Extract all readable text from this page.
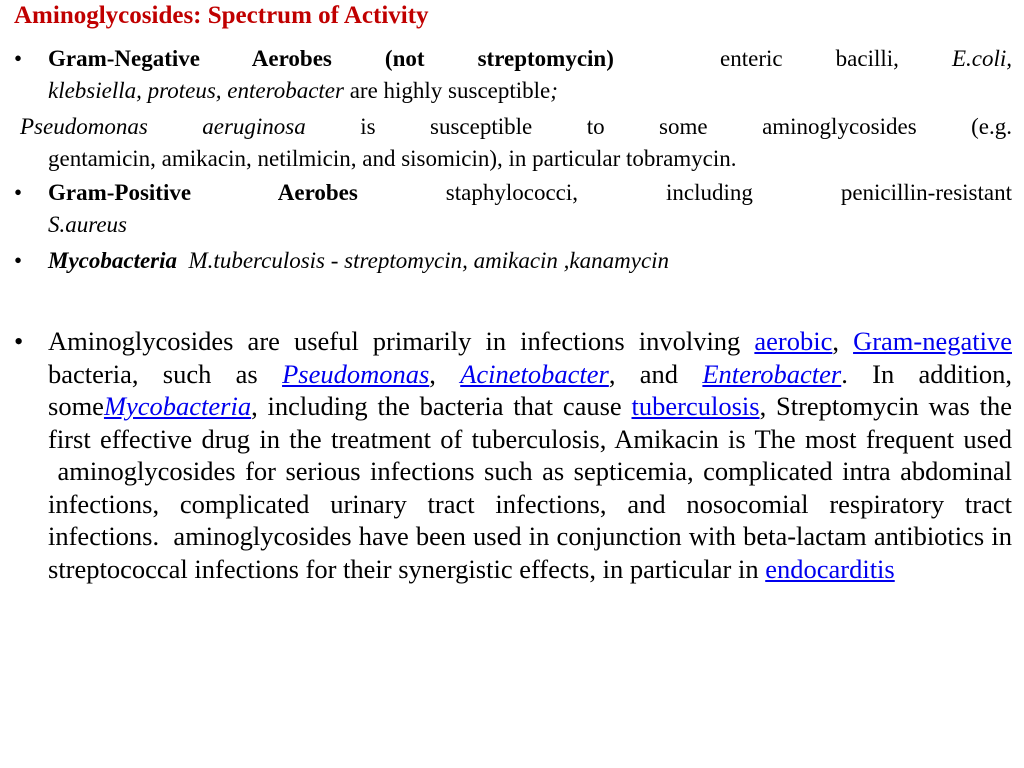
Aminoglycosides: Spectrum of Activity
• Gram-Negative Aerobes (not streptomycin)	enteric bacilli, E.coli,
klebsiella, proteus, enterobacter are highly susceptible;
Pseudomonas aeruginosa is susceptible to some aminoglycosides (e.g.
gentamicin, amikacin, netilmicin, and sisomicin), in particular tobramycin.
• Gram-Positive Aerobes staphylococci, including penicillin-resistant
S.aureus
• Mycobacteria  M.tuberculosis - streptomycin, amikacin ,kanamycin
• Aminoglycosides are useful primarily in infections involving aerobic, Gram-negative bacteria, such as Pseudomonas, Acinetobacter, and Enterobacter. In addition, someMycobacteria, including the bacteria that cause tuberculosis, Streptomycin was the first effective drug in the treatment of tuberculosis, Amikacin is The most frequent used  aminoglycosides for serious infections such as septicemia, complicated intra abdominal infections, complicated urinary tract infections, and nosocomial respiratory tract infections.  aminoglycosides have been used in conjunction with beta-lactam antibiotics in streptococcal infections for their synergistic effects, in particular in endocarditis
